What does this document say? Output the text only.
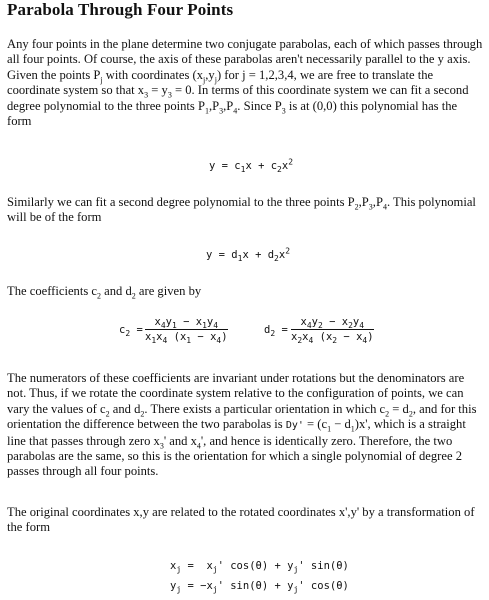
Parabola Through Four Points

Any four points in the plane determine two conjugate parabolas, each of which passes through all four points. Of course, the axis of these parabolas aren't necessarily parallel to the y axis. Given the points $P_j$ with coordinates $(x_j,y_j)$ for j = 1,2,3,4, we are free to translate the coordinate system so that $x_3 = y_3 = 0$. In terms of this coordinate system we can fit a second degree polynomial to the three points $P_1,P_3,P_4$. Since $P_3$ is at (0,0) this polynomial has the form

$y = c_1x + c_2x^2$

Similarly we can fit a second degree polynomial to the three points $P_2,P_3,P_4$. This polynomial will be of the form

$y = d_1x + d_2x^2$

The coefficients $c_2$ and $d_2$ are given by

$c_2 = \frac{x_4y_1 - x_1y_4}{x_1x_4 (x_1 - x_4)}$	$d_2 = \frac{x_4y_2 - x_2y_4}{x_2x_4 (x_2 - x_4)}$

The numerators of these coefficients are invariant under rotations but the denominators are not. Thus, if we rotate the coordinate system relative to the configuration of points, we can vary the values of $c_2$ and $d_2$. There exists a particular orientation in which $c_2 = d_2$, and for this orientation the difference between the two parabolas is $Dy' = (c_1 - d_1)x'$, which is a straight line that passes through zero $x_3'$ and $x_4'$, and hence is identically zero. Therefore, the two parabolas are the same, so this is the orientation for which a single polynomial of degree 2 passes through all four points.

The original coordinates x,y are related to the rotated coordinates x',y' by a transformation of the form

$x_j = x_j'$ $\cos(\theta) + y_j'$ sin(θ)
$y_j = -x_j'$ $\sin(\theta) + y_j'$ cos(θ)
